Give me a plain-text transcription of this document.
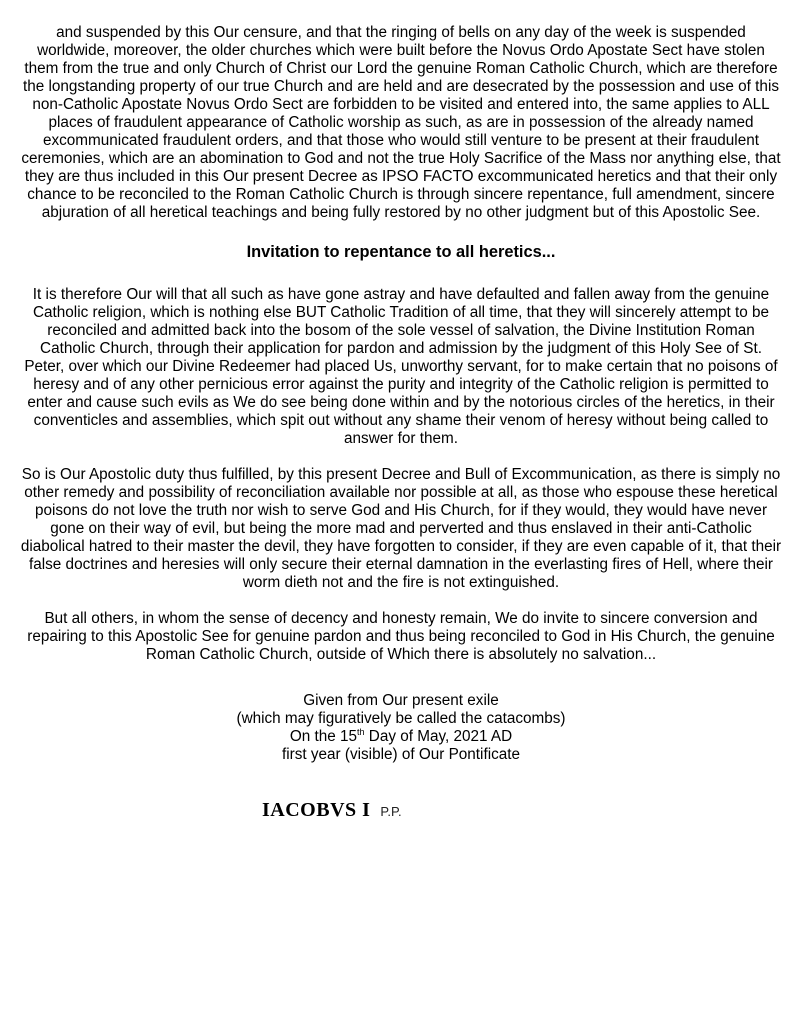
and suspended by this Our censure, and that the ringing of bells on any day of the week is suspended worldwide, moreover, the older churches which were built before the Novus Ordo Apostate Sect have stolen them from the true and only Church of Christ our Lord the genuine Roman Catholic Church, which are therefore the longstanding property of our true Church and are held and are desecrated by the possession and use of this non-Catholic Apostate Novus Ordo Sect are forbidden to be visited and entered into, the same applies to ALL places of fraudulent appearance of Catholic worship as such, as are in possession of the already named excommunicated fraudulent orders, and that those who would still venture to be present at their fraudulent ceremonies, which are an abomination to God and not the true Holy Sacrifice of the Mass nor anything else, that they are thus included in this Our present Decree as IPSO FACTO excommunicated heretics and that their only chance to be reconciled to the Roman Catholic Church is through sincere repentance, full amendment, sincere abjuration of all heretical teachings and being fully restored by no other judgment but of this Apostolic See.

Invitation to repentance to all heretics...

It is therefore Our will that all such as have gone astray and have defaulted and fallen away from the genuine Catholic religion, which is nothing else BUT Catholic Tradition of all time, that they will sincerely attempt to be reconciled and admitted back into the bosom of the sole vessel of salvation, the Divine Institution Roman Catholic Church, through their application for pardon and admission by the judgment of this Holy See of St. Peter, over which our Divine Redeemer had placed Us, unworthy servant, for to make certain that no poisons of heresy and of any other pernicious error against the purity and integrity of the Catholic religion is permitted to enter and cause such evils as We do see being done within and by the notorious circles of the heretics, in their conventicles and assemblies, which spit out without any shame their venom of heresy without being called to answer for them.

So is Our Apostolic duty thus fulfilled, by this present Decree and Bull of Excommunication, as there is simply no other remedy and possibility of reconciliation available nor possible at all, as those who espouse these heretical poisons do not love the truth nor wish to serve God and His Church, for if they would, they would have never gone on their way of evil, but being the more mad and perverted and thus enslaved in their anti-Catholic diabolical hatred to their master the devil, they have forgotten to consider, if they are even capable of it, that their false doctrines and heresies will only secure their eternal damnation in the everlasting fires of Hell, where their worm dieth not and the fire is not extinguished.

But all others, in whom the sense of decency and honesty remain, We do invite to sincere conversion and repairing to this Apostolic See for genuine pardon and thus being reconciled to God in His Church, the genuine Roman Catholic Church, outside of Which there is absolutely no salvation...

Given from Our present exile
(which may figuratively be called the catacombs)
On the 15th Day of May, 2021 AD
first year (visible) of Our Pontificate
IACOBVS I P.P.
